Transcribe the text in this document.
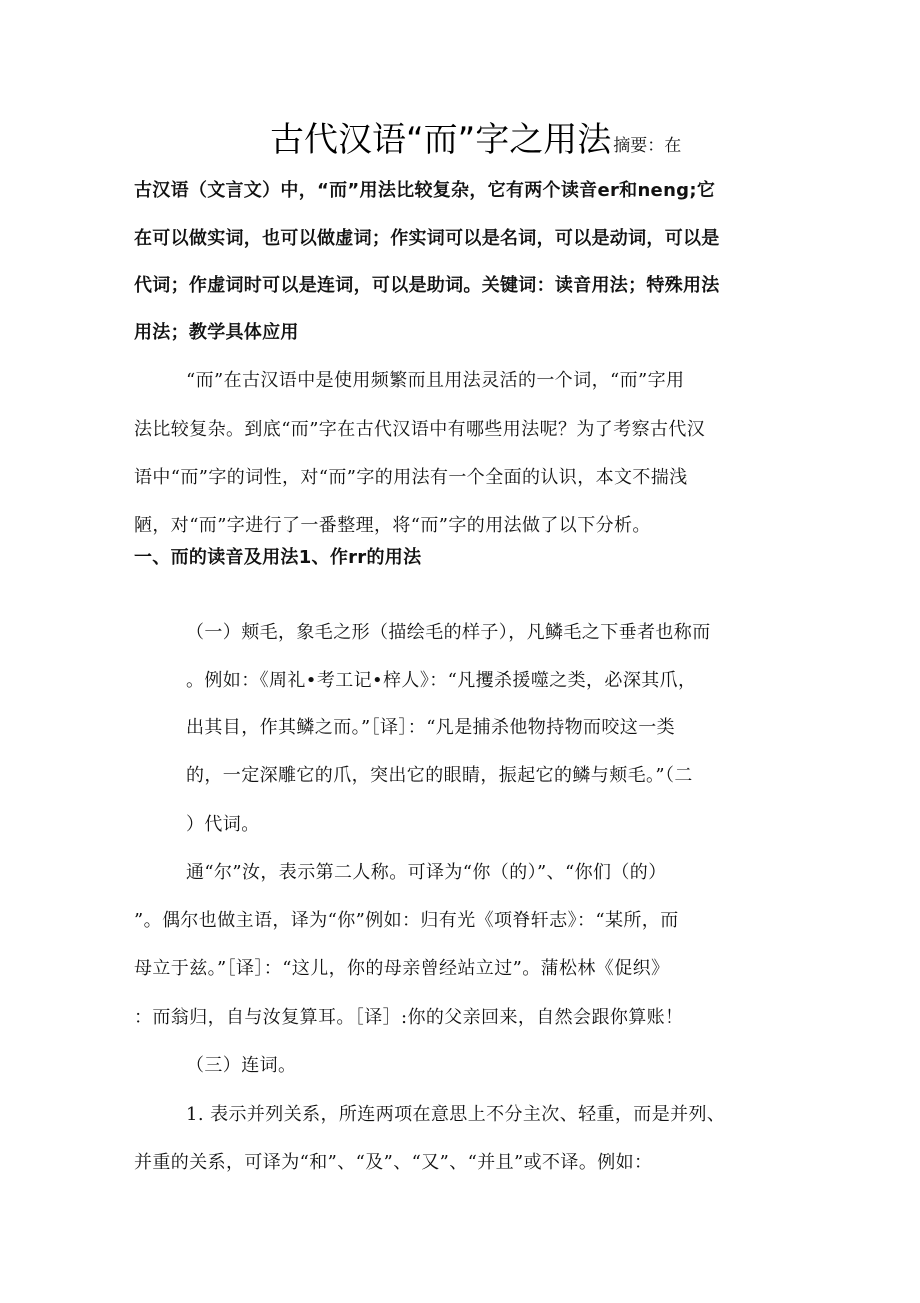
古代汉语“而”字之用法 摘要：在

古汉语（文言文）中，“而”用法比较复杂，它有两个读音er和neng;它

在可以做实词，也可以做虚词；作实词可以是名词，可以是动词，可以是

代词；作虚词时可以是连词，可以是助词。关键词：读音用法；特殊用法

用法；教学具体应用

“而”在古汉语中是使用频繁而且用法灵活的一个词，“而”字用

法比较复杂。到底“而”字在古代汉语中有哪些用法呢？为了考察古代汉

语中“而”字的词性，对“而”字的用法有一个全面的认识，本文不揣浅

陋，对“而”字进行了一番整理，将“而”字的用法做了以下分析。

一、而的读音及用法1、作rr的用法

（一）颊毛，象毛之形（描绘毛的样子），凡鳞毛之下垂者也称而

。例如：《周礼•考工记•梓人》：“凡攫杀援噬之类，必深其爪，

出其目，作其鳞之而。”［译］：“凡是捕杀他物持物而咬这一类

的，一定深雕它的爪，突出它的眼睛，振起它的鳞与颊毛。”（二

）代词。

通“尔”汝，表示第二人称。可译为“你（的）”、“你们（的）

”。偶尔也做主语，译为“你”例如：归有光《项脊轩志》：“某所，而

母立于兹。”［译］：“这儿，你的母亲曾经站立过”。蒲松林《促织》

：而翁归，自与汝复算耳。［译］:你的父亲回来，自然会跟你算账！

（三）连词。

1. 表示并列关系，所连两项在意思上不分主次、轻重，而是并列、

并重的关系，可译为“和”、“及”、“又”、“并且”或不译。例如：
